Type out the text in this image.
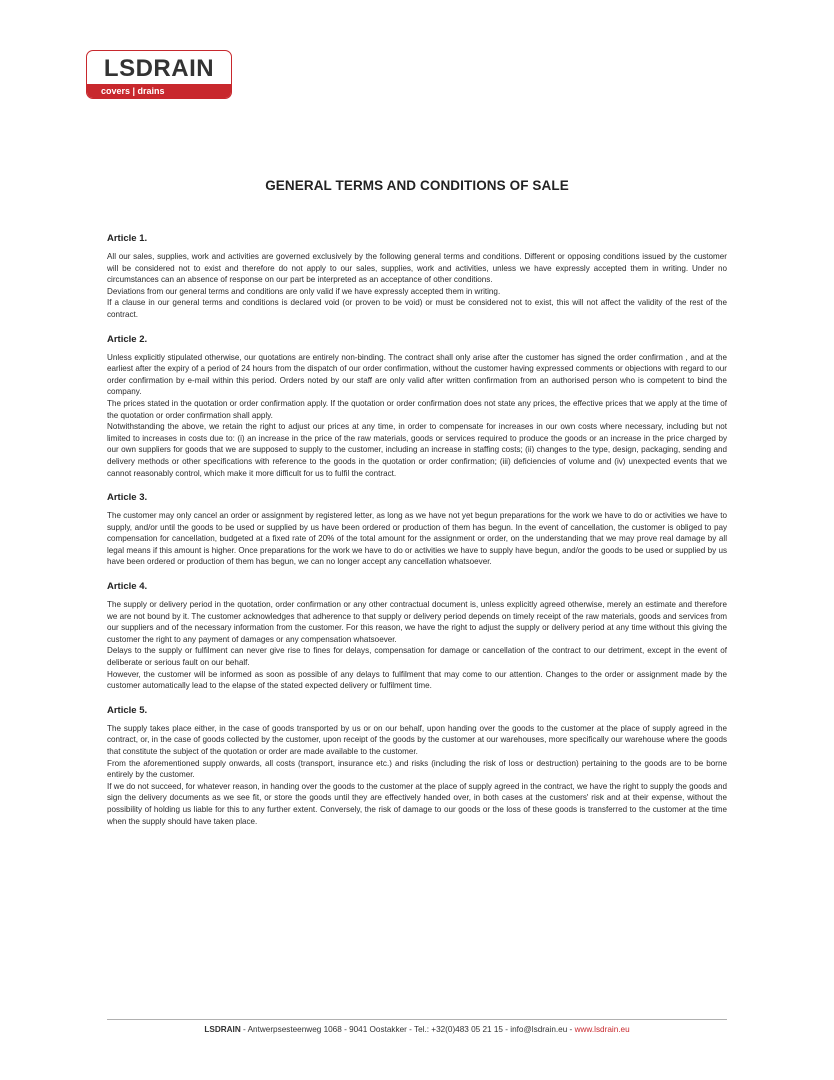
LSDRAIN
covers | drains
GENERAL TERMS AND CONDITIONS OF SALE
Article 1.

All our sales, supplies, work and activities are governed exclusively by the following general terms and conditions. Different or opposing conditions issued by the customer will be considered not to exist and therefore do not apply to our sales, supplies, work and activities, unless we have expressly accepted them in writing. Under no circumstances can an absence of response on our part be interpreted as an acceptance of other conditions.

Deviations from our general terms and conditions are only valid if we have expressly accepted them in writing.

If a clause in our general terms and conditions is declared void (or proven to be void) or must be considered not to exist, this will not affect the validity of the rest of the contract.

Article 2.

Unless explicitly stipulated otherwise, our quotations are entirely non-binding. The contract shall only arise after the customer has signed the order confirmation , and at the earliest after the expiry of a period of 24 hours from the dispatch of our order confirmation, without the customer having expressed comments or objections with regard to our order confirmation by e-mail within this period. Orders noted by our staff are only valid after written confirmation from an authorised person who is competent to bind the company.

The prices stated in the quotation or order confirmation apply. If the quotation or order confirmation does not state any prices, the effective prices that we apply at the time of the quotation or order confirmation shall apply.

Notwithstanding the above, we retain the right to adjust our prices at any time, in order to compensate for increases in our own costs where necessary, including but not limited to increases in costs due to: (i) an increase in the price of the raw materials, goods or services required to produce the goods or an increase in the price charged by our own suppliers for goods that we are supposed to supply to the customer, including an increase in staffing costs; (ii) changes to the type, design, packaging, sending and delivery methods or other specifications with reference to the goods in the quotation or order confirmation; (iii) deficiencies of volume and (iv) unexpected events that we cannot reasonably control, which make it more difficult for us to fulfil the contract.

Article 3.

The customer may only cancel an order or assignment by registered letter, as long as we have not yet begun preparations for the work we have to do or activities we have to supply, and/or until the goods to be used or supplied by us have been ordered or production of them has begun. In the event of cancellation, the customer is obliged to pay compensation for cancellation, budgeted at a fixed rate of 20% of the total amount for the assignment or order, on the understanding that we may prove real damage by all legal means if this amount is higher. Once preparations for the work we have to do or activities we have to supply have begun, and/or the goods to be used or supplied by us have been ordered or production of them has begun, we can no longer accept any cancellation whatsoever.

Article 4.

The supply or delivery period in the quotation, order confirmation or any other contractual document is, unless explicitly agreed otherwise, merely an estimate and therefore we are not bound by it. The customer acknowledges that adherence to that supply or delivery period depends on timely receipt of the raw materials, goods and services from our suppliers and of the necessary information from the customer. For this reason, we have the right to adjust the supply or delivery period at any time without this giving the customer the right to any payment of damages or any compensation whatsoever.

Delays to the supply or fulfilment can never give rise to fines for delays, compensation for damage or cancellation of the contract to our detriment, except in the event of deliberate or serious fault on our behalf.

However, the customer will be informed as soon as possible of any delays to fulfilment that may come to our attention. Changes to the order or assignment made by the customer automatically lead to the elapse of the stated expected delivery or fulfilment time.

Article 5.

The supply takes place either, in the case of goods transported by us or on our behalf, upon handing over the goods to the customer at the place of supply agreed in the contract, or, in the case of goods collected by the customer, upon receipt of the goods by the customer at our warehouses, more specifically our warehouse where the goods that constitute the subject of the quotation or order are made available to the customer.

From the aforementioned supply onwards, all costs (transport, insurance etc.) and risks (including the risk of loss or destruction) pertaining to the goods are to be borne entirely by the customer.

If we do not succeed, for whatever reason, in handing over the goods to the customer at the place of supply agreed in the contract, we have the right to supply the goods and sign the delivery documents as we see fit, or store the goods until they are effectively handed over, in both cases at the customers' risk and at their expense, without the possibility of holding us liable for this to any further extent. Conversely, the risk of damage to our goods or the loss of these goods is transferred to the customer at the time when the supply should have taken place.

LSDRAIN - Antwerpsesteenweg 1068 - 9041 Oostakker - Tel.: +32(0)483 05 21 15 - info@lsdrain.eu - www.lsdrain.eu
